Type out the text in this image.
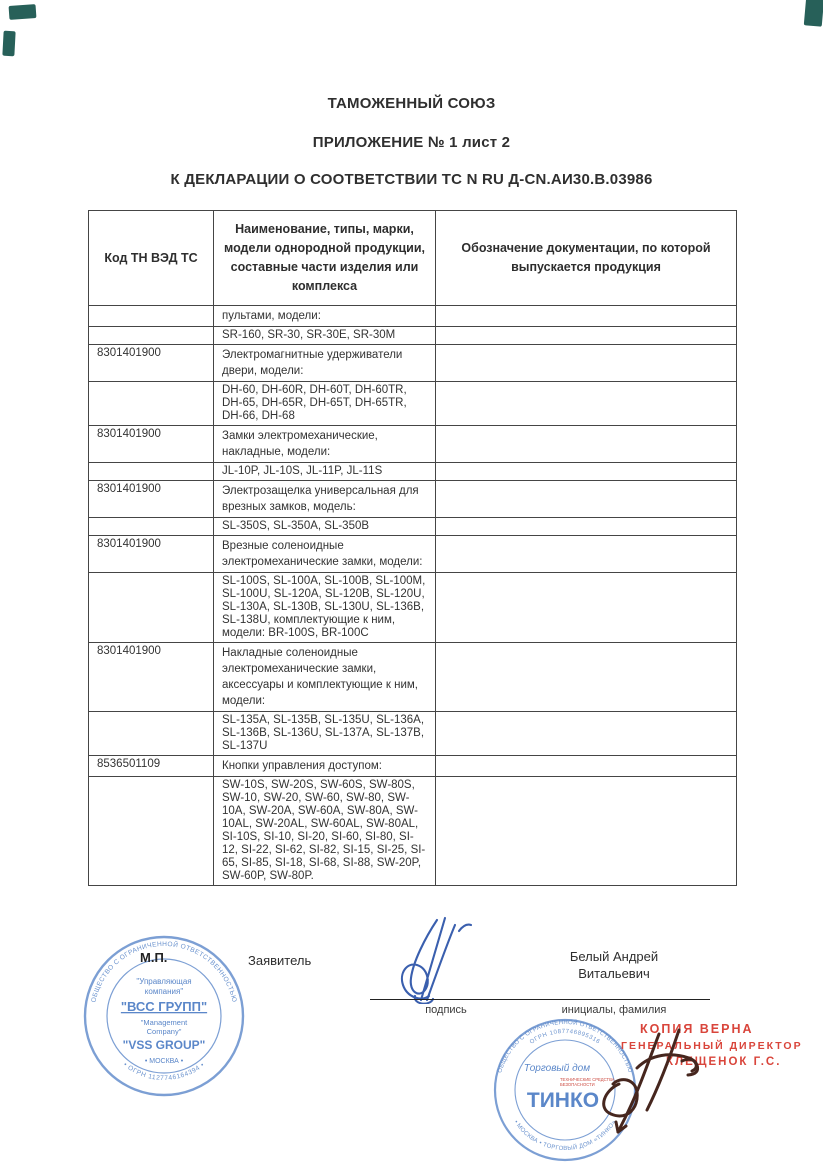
ТАМОЖЕННЫЙ СОЮЗ
ПРИЛОЖЕНИЕ № 1 лист 2
К ДЕКЛАРАЦИИ О СООТВЕТСТВИИ ТС N RU Д-CN.АИ30.В.03986
Код ТН ВЭД ТС	Наименование, типы, марки, модели однородной продукции, составные части изделия или комплекса	Обозначение документации, по которой выпускается продукция
	пультами, модели:	
	SR-160, SR-30, SR-30E, SR-30M	
8301401900	Электромагнитные удерживатели двери, модели:	
	DH-60, DH-60R, DH-60T, DH-60TR, DH-65, DH-65R, DH-65T, DH-65TR, DH-66, DH-68	
8301401900	Замки электромеханические, накладные, модели:	
	JL-10P, JL-10S, JL-11P, JL-11S	
8301401900	Электрозащелка универсальная для врезных замков, модель:	
	SL-350S, SL-350A, SL-350B	
8301401900	Врезные соленоидные электромеханические замки, модели:	
	SL-100S, SL-100A, SL-100B, SL-100M, SL-100U, SL-120A, SL-120B, SL-120U, SL-130A, SL-130B, SL-130U, SL-136B, SL-138U, комплектующие к ним, модели: BR-100S, BR-100C	
8301401900	Накладные соленоидные электромеханические замки, аксессуары и комплектующие к ним, модели:	
	SL-135A, SL-135B, SL-135U, SL-136A, SL-136B, SL-136U, SL-137A, SL-137B, SL-137U	
8536501109	Кнопки управления доступом:	
	SW-10S, SW-20S, SW-60S, SW-80S, SW-10, SW-20, SW-60, SW-80, SW-10A, SW-20A, SW-60A, SW-80A, SW-10AL, SW-20AL, SW-60AL, SW-80AL, SI-10S, SI-10, SI-20, SI-60, SI-80, SI-12, SI-22, SI-62, SI-82, SI-15, SI-25, SI-65, SI-85, SI-18, SI-68, SI-88, SW-20P, SW-60P, SW-80P.	
ОБЩЕСТВО С ОГРАНИЧЕННОЙ ОТВЕТСТВЕННОСТЬЮ
• ОГРН 1127746164394 •
"Управляющая
компания"
"ВСС ГРУПП"
"Management
Company"
"VSS GROUP"
• МОСКВА •
М.П.	Заявитель
подпись
Белый Андрей
Витальевич
инициалы, фамилия
ОБЩЕСТВО С ОГРАНИЧЕННОЙ ОТВЕТСТВЕННОСТЬЮ
ОГРН 1087746895316
• МОСКВА • ТОРГОВЫЙ ДОМ «ТИНКО»
Торговый дом
ТЕХНИЧЕСКИЕ СРЕДСТВА
БЕЗОПАСНОСТИ
ТИНКО
КОПИЯ ВЕРНА
ГЕНЕРАЛЬНЫЙ ДИРЕКТОР
КЛЕЩЕНОК Г.С.
